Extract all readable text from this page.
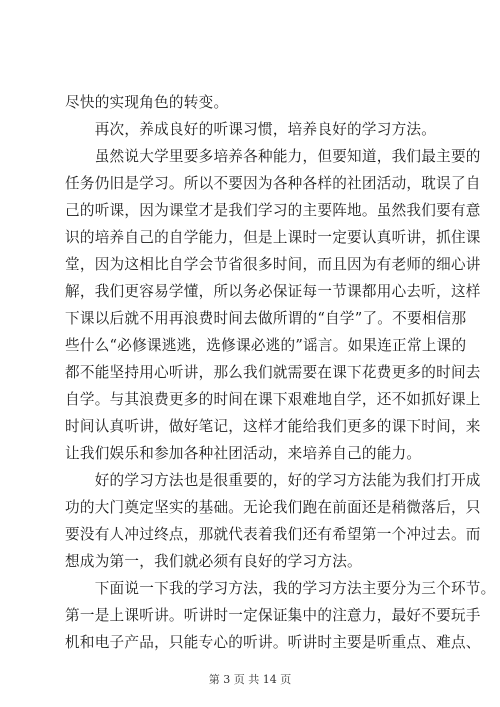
尽快的实现角色的转变。
　　再次，养成良好的听课习惯，培养良好的学习方法。
　　虽然说大学里要多培养各种能力，但要知道，我们最主要的
任务仍旧是学习。所以不要因为各种各样的社团活动，耽误了自
己的听课，因为课堂才是我们学习的主要阵地。虽然我们要有意
识的培养自己的自学能力，但是上课时一定要认真听讲，抓住课
堂，因为这相比自学会节省很多时间，而且因为有老师的细心讲
解，我们更容易学懂，所以务必保证每一节课都用心去听，这样
下课以后就不用再浪费时间去做所谓的“自学”了。不要相信那
些什么“必修课逃逃，选修课必逃的”谣言。如果连正常上课的
都不能坚持用心听讲，那么我们就需要在课下花费更多的时间去
自学。与其浪费更多的时间在课下艰难地自学，还不如抓好课上
时间认真听讲，做好笔记，这样才能给我们更多的课下时间，来
让我们娱乐和参加各种社团活动，来培养自己的能力。
　　好的学习方法也是很重要的，好的学习方法能为我们打开成
功的大门奠定坚实的基础。无论我们跑在前面还是稍微落后，只
要没有人冲过终点，那就代表着我们还有希望第一个冲过去。而
想成为第一，我们就必须有良好的学习方法。
　　下面说一下我的学习方法，我的学习方法主要分为三个环节。
第一是上课听讲。听讲时一定保证集中的注意力，最好不要玩手
机和电子产品，只能专心的听讲。听讲时主要是听重点、难点、
第 3 页 共 14 页
